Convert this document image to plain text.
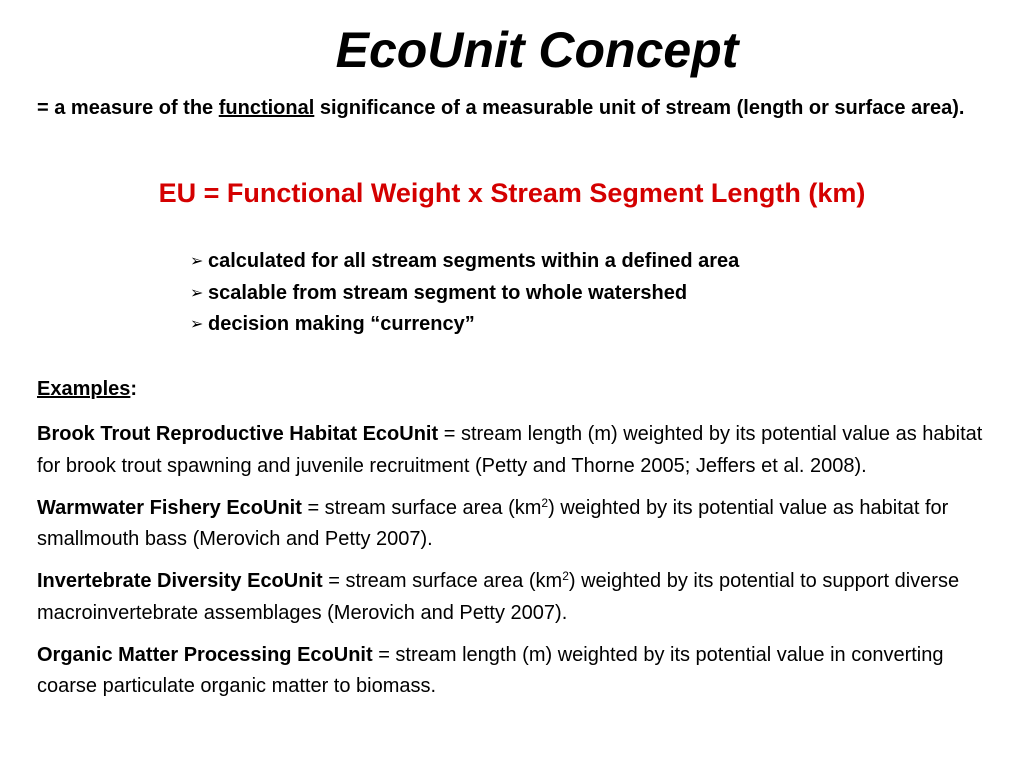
EcoUnit Concept
= a measure of the functional significance of a measurable unit of stream (length or surface area).
EU = Functional Weight x Stream Segment Length (km)
➢ calculated for all stream segments within a defined area
➢ scalable from stream segment to whole watershed
➢ decision making “currency”
Examples:

Brook Trout Reproductive Habitat EcoUnit = stream length (m) weighted by its potential value as habitat for brook trout spawning and juvenile recruitment (Petty and Thorne 2005; Jeffers et al. 2008).

Warmwater Fishery EcoUnit = stream surface area $(km^2)$ weighted by its potential value as habitat for smallmouth bass (Merovich and Petty 2007).

Invertebrate Diversity EcoUnit = stream surface area $(km^2)$ weighted by its potential to support diverse macroinvertebrate assemblages (Merovich and Petty 2007).

Organic Matter Processing EcoUnit = stream length (m) weighted by its potential value in converting coarse particulate organic matter to biomass.
